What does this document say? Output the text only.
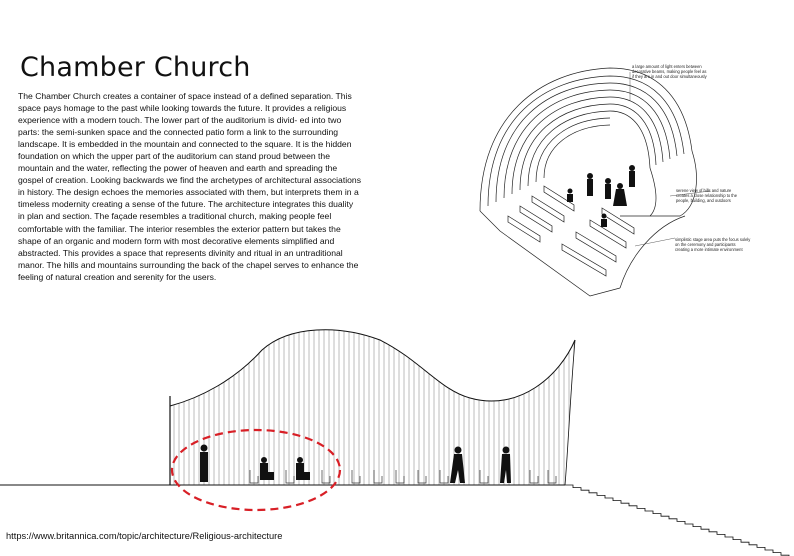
Chamber Church

The Chamber Church creates a container of space instead of a defined separation. This space pays homage to the past while looking towards the future. It provides a religious experience with a modern touch. The lower part of the auditorium is divid- ed into two parts: the semi-sunken space and the connected patio form a link to the surrounding landscape. It is embedded in the mountain and connected to the square. It is the hidden foundation on which the upper part of the auditorium can stand proud between the mountain and the water, reflecting the power of heaven and earth and spreading the gospel of creation. Looking backwards we find the archetypes of architectural associations in history. The design echoes the memories associated with them, but interprets them in a timeless modernity creating a sense of the future. The architecture integrates this duality in plan and section. The façade resembles a traditional church, making people feel comfortable with the familiar. The interior resembles the exterior pattern but takes the shape of an organic and modern form with most decorative elements simplified and abstracted. This provides a space that represents divinity and ritual in an untraditional manor. The hills and mountains surrounding the back of the chapel serves to enhance the feeling of natural creation and serenity for the users.

a large amount of light enters between
decorative beams, making people feel as
if they are in and out door simultaneously
serene view of hills and nature
creates a close relationship to the
people, building, and outdoors
simplistic stage area puts the focus solely
on the ceremony and participants
creating a more intimate environment
https://www.britannica.com/topic/architecture/Religious-architecture
